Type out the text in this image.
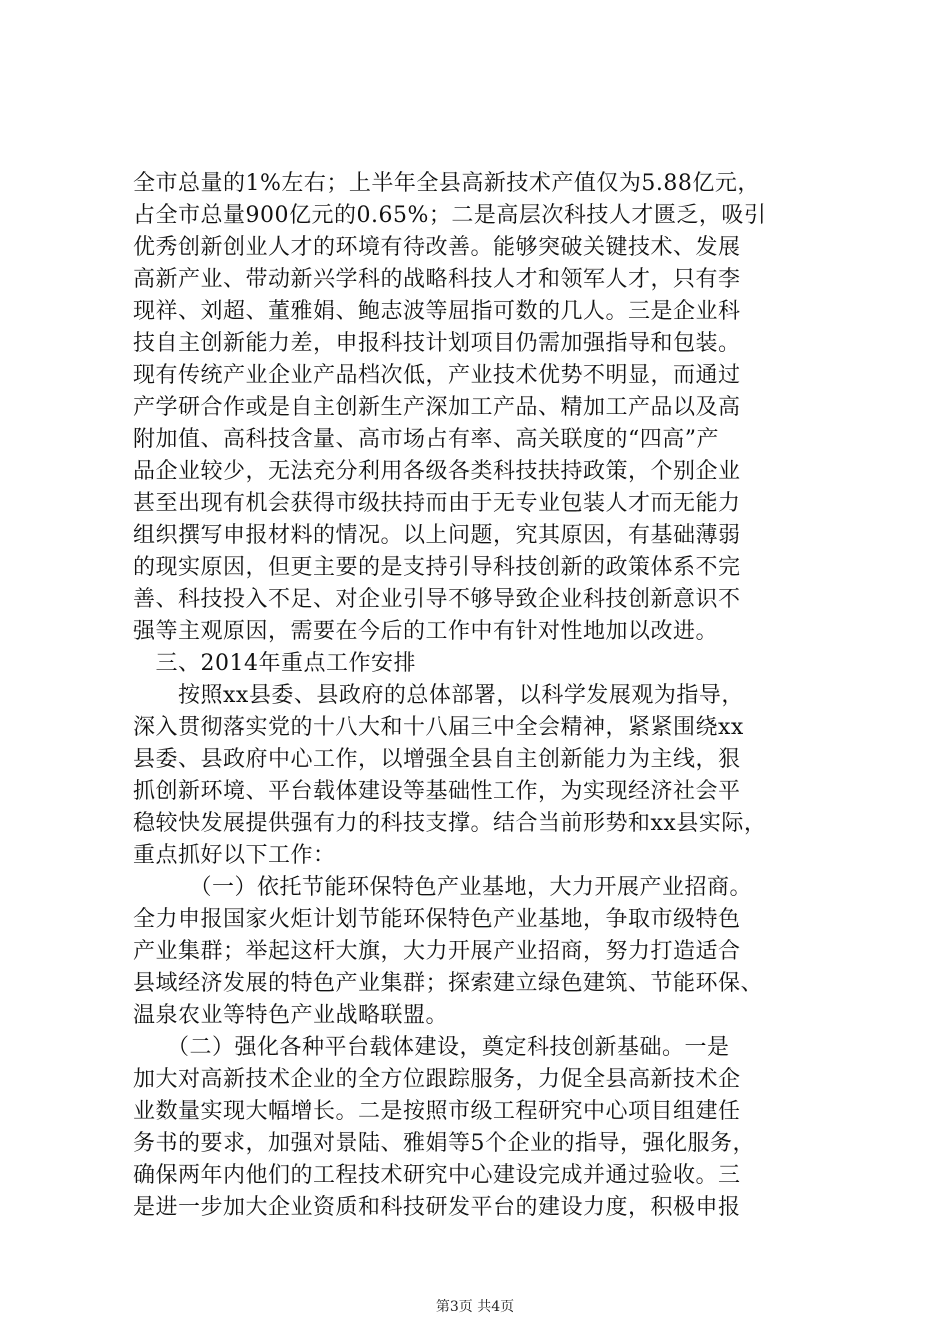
全市总量的1%左右；上半年全县高新技术产值仅为5.88亿元，
占全市总量900亿元的0.65%；二是高层次科技人才匮乏，吸引
优秀创新创业人才的环境有待改善。能够突破关键技术、发展
高新产业、带动新兴学科的战略科技人才和领军人才，只有李
现祥、刘超、董雅娟、鲍志波等屈指可数的几人。三是企业科
技自主创新能力差，申报科技计划项目仍需加强指导和包装。
现有传统产业企业产品档次低，产业技术优势不明显，而通过
产学研合作或是自主创新生产深加工产品、精加工产品以及高
附加值、高科技含量、高市场占有率、高关联度的“四高”产
品企业较少，无法充分利用各级各类科技扶持政策，个别企业
甚至出现有机会获得市级扶持而由于无专业包装人才而无能力
组织撰写申报材料的情况。以上问题，究其原因，有基础薄弱
的现实原因，但更主要的是支持引导科技创新的政策体系不完
善、科技投入不足、对企业引导不够导致企业科技创新意识不
强等主观原因，需要在今后的工作中有针对性地加以改进。
　三、2014年重点工作安排
　　按照xx县委、县政府的总体部署，以科学发展观为指导，
深入贯彻落实党的十八大和十八届三中全会精神，紧紧围绕xx
县委、县政府中心工作，以增强全县自主创新能力为主线，狠
抓创新环境、平台载体建设等基础性工作，为实现经济社会平
稳较快发展提供强有力的科技支撑。结合当前形势和xx县实际，
重点抓好以下工作：
　　　（一）依托节能环保特色产业基地，大力开展产业招商。
全力申报国家火炬计划节能环保特色产业基地，争取市级特色
产业集群；举起这杆大旗，大力开展产业招商，努力打造适合
县域经济发展的特色产业集群；探索建立绿色建筑、节能环保、
温泉农业等特色产业战略联盟。
　　（二）强化各种平台载体建设，奠定科技创新基础。一是
加大对高新技术企业的全方位跟踪服务，力促全县高新技术企
业数量实现大幅增长。二是按照市级工程研究中心项目组建任
务书的要求，加强对景陆、雅娟等5个企业的指导，强化服务，
确保两年内他们的工程技术研究中心建设完成并通过验收。三
是进一步加大企业资质和科技研发平台的建设力度，积极申报
第3页 共4页
